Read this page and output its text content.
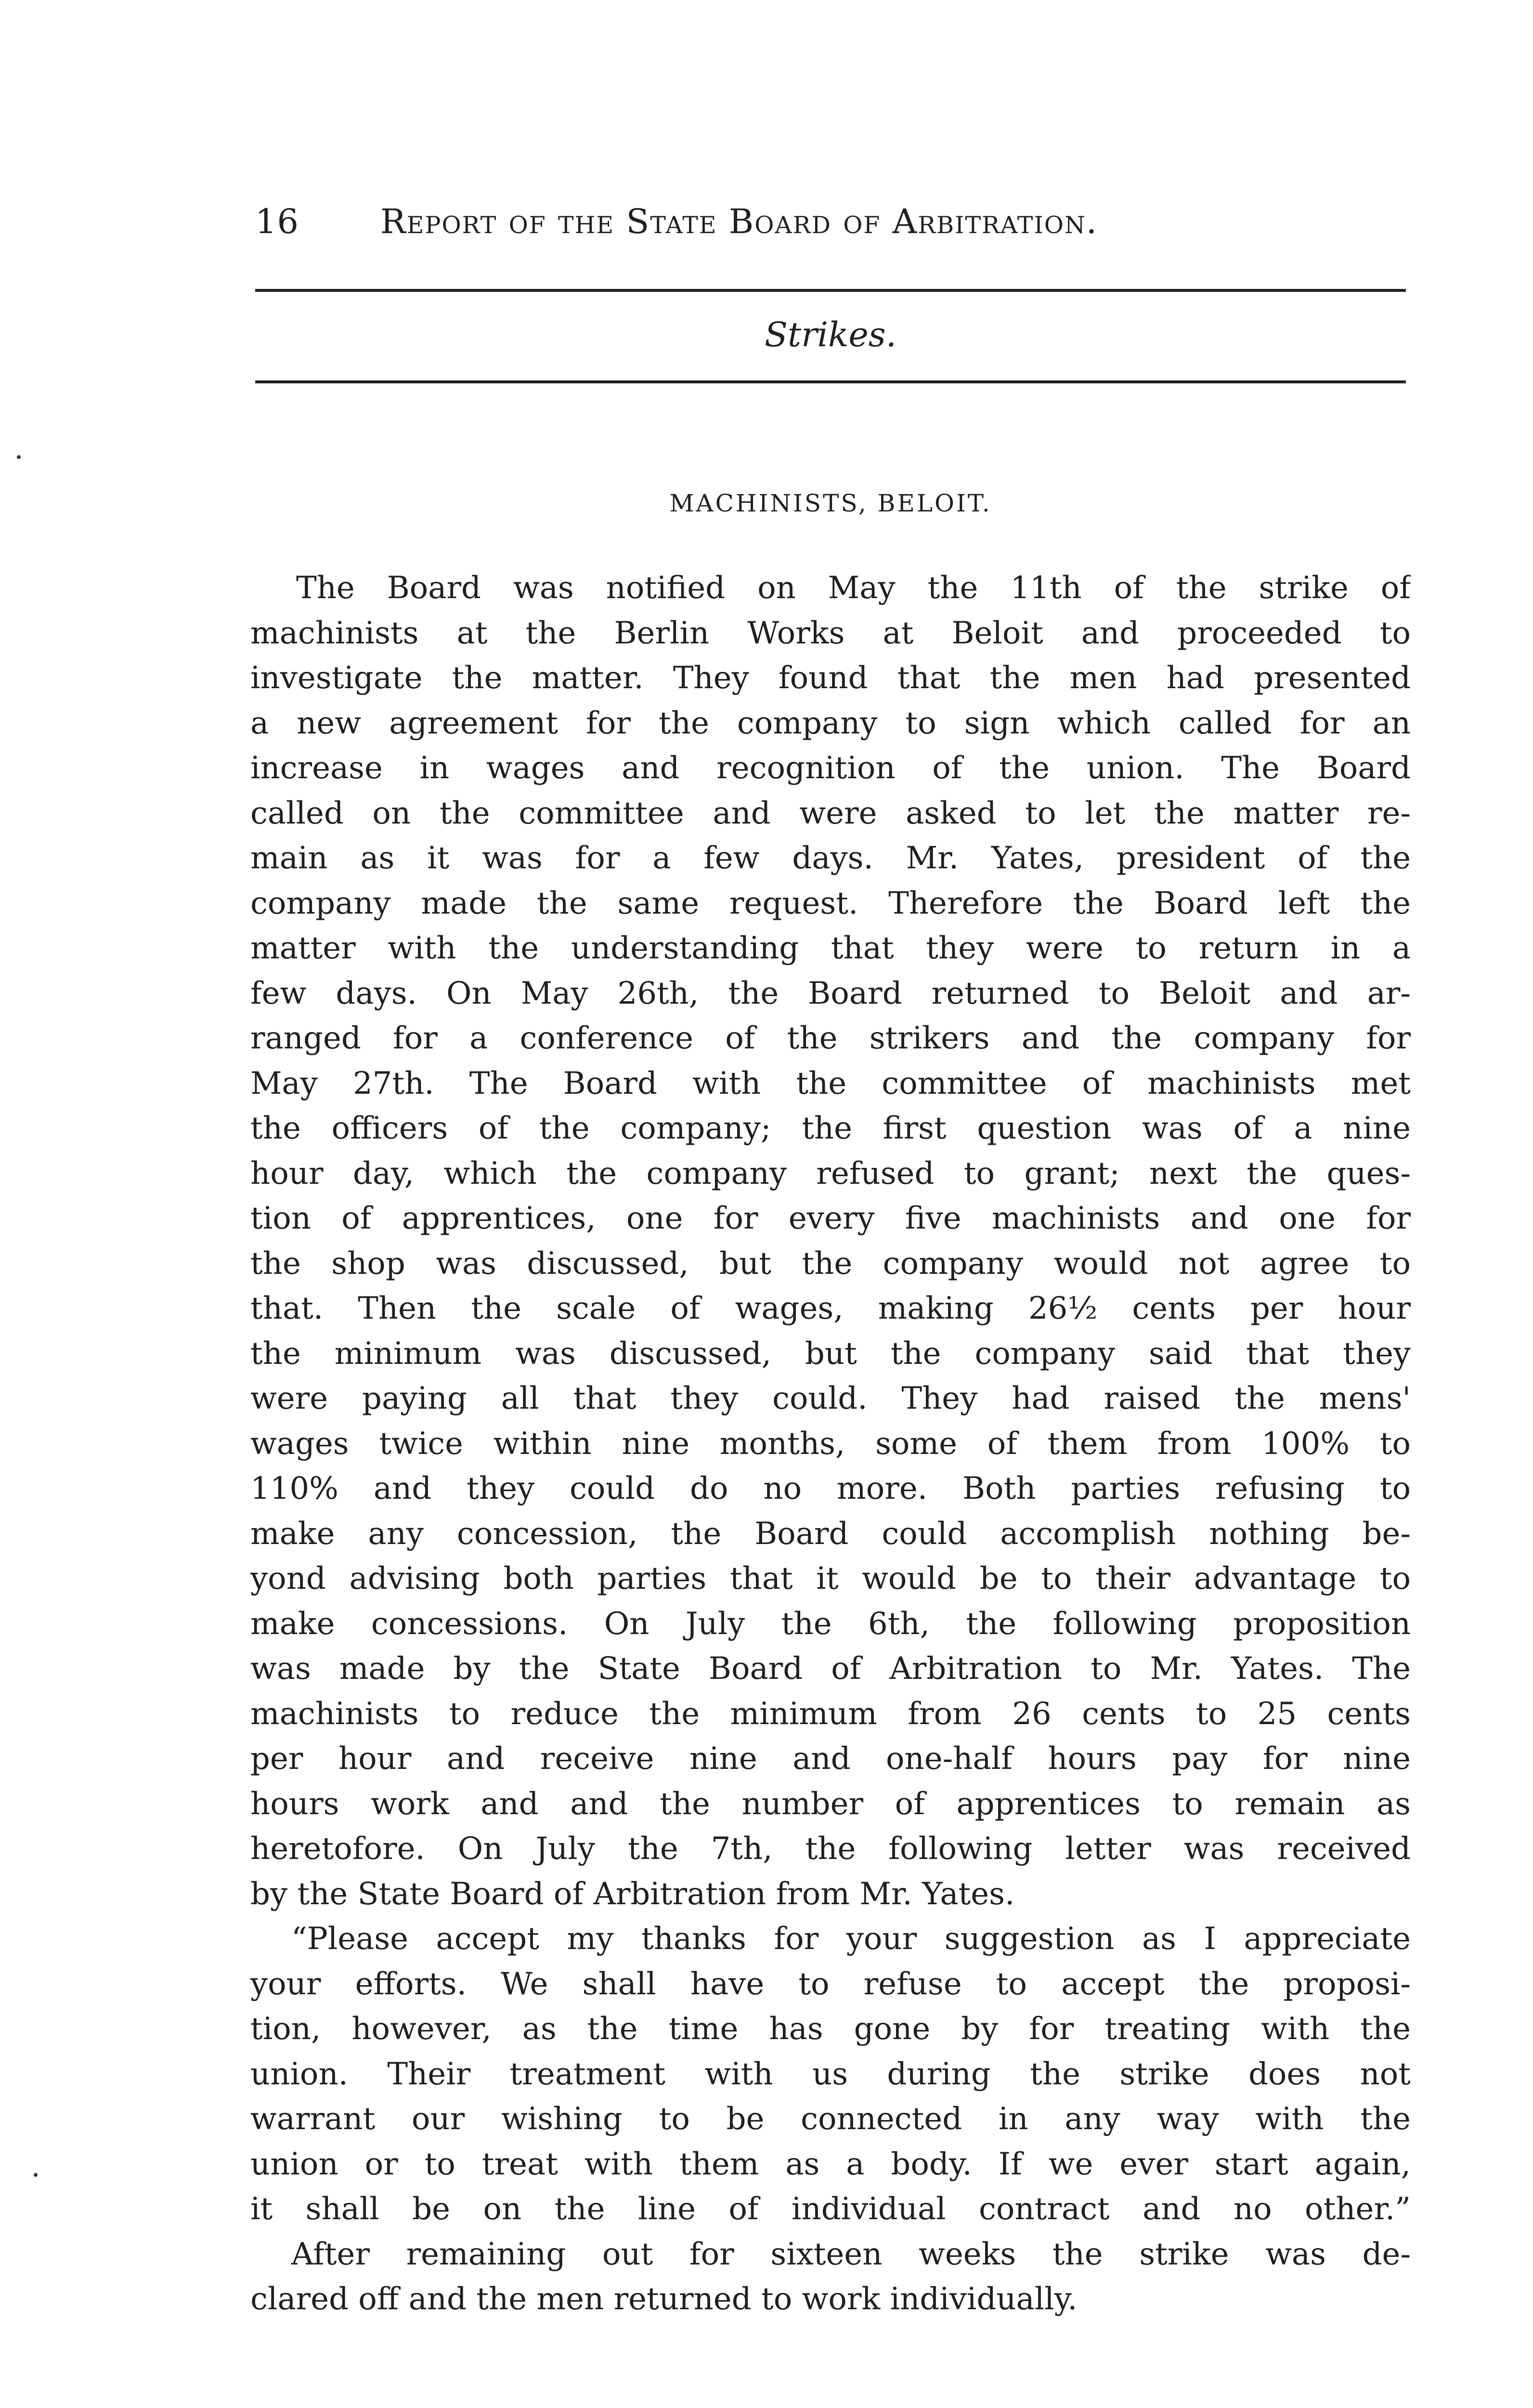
16 Report of the State Board of Arbitration.
Strikes.
MACHINISTS, BELOIT.
The Board was notified on May the 11th of the strike of
machinists at the Berlin Works at Beloit and proceeded to
investigate the matter. They found that the men had presented
a new agreement for the company to sign which called for an
increase in wages and recognition of the union. The Board
called on the committee and were asked to let the matter re-
main as it was for a few days. Mr. Yates, president of the
company made the same request. Therefore the Board left the
matter with the understanding that they were to return in a
few days. On May 26th, the Board returned to Beloit and ar-
ranged for a conference of the strikers and the company for
May 27th. The Board with the committee of machinists met
the officers of the company; the first question was of a nine
hour day, which the company refused to grant; next the ques-
tion of apprentices, one for every five machinists and one for
the shop was discussed, but the company would not agree to
that. Then the scale of wages, making 26½ cents per hour
the minimum was discussed, but the company said that they
were paying all that they could. They had raised the mens'
wages twice within nine months, some of them from 100% to
110% and they could do no more. Both parties refusing to
make any concession, the Board could accomplish nothing be-
yond advising both parties that it would be to their advantage to
make concessions. On July the 6th, the following proposition
was made by the State Board of Arbitration to Mr. Yates. The
machinists to reduce the minimum from 26 cents to 25 cents
per hour and receive nine and one-half hours pay for nine
hours work and and the number of apprentices to remain as
heretofore. On July the 7th, the following letter was received
by the State Board of Arbitration from Mr. Yates.
“Please accept my thanks for your suggestion as I appreciate
your efforts. We shall have to refuse to accept the proposi-
tion, however, as the time has gone by for treating with the
union. Their treatment with us during the strike does not
warrant our wishing to be connected in any way with the
union or to treat with them as a body. If we ever start again,
it shall be on the line of individual contract and no other.”
After remaining out for sixteen weeks the strike was de-
clared off and the men returned to work individually.
